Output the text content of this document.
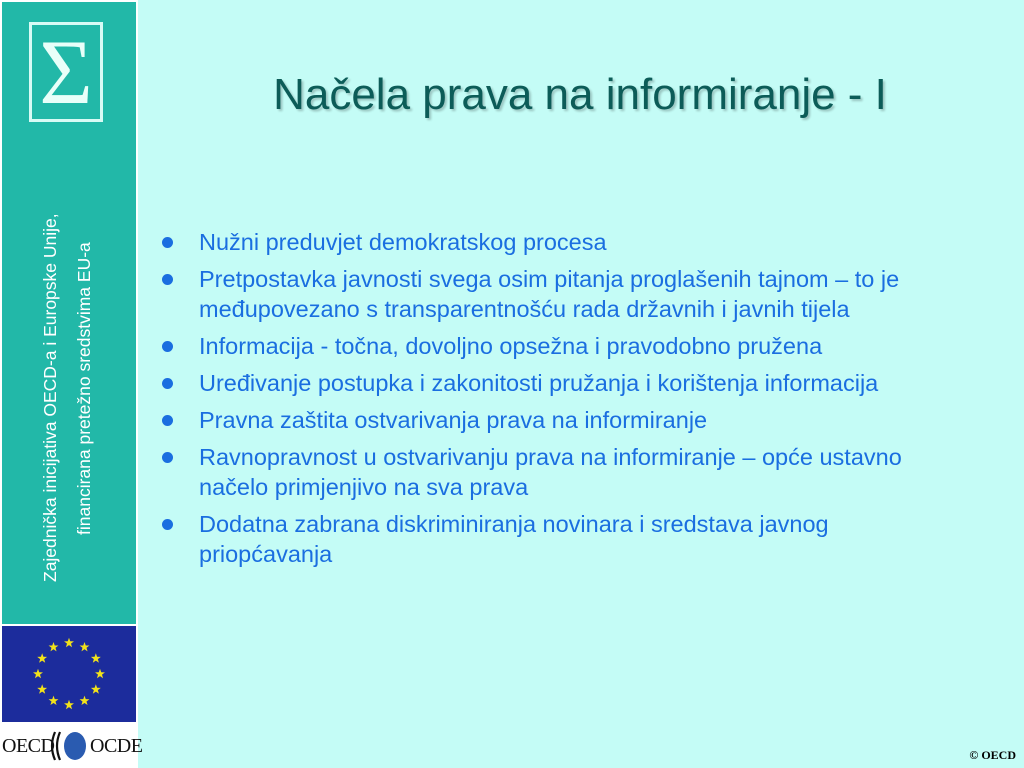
Σ
Zajednička inicijativa OECD-a i Europske Unije, financirana pretežno sredstvima EU-a
OECD OCDE
Načela prava na informiranje - I
Nužni preduvjet demokratskog procesa
Pretpostavka javnosti svega osim pitanja proglašenih tajnom – to je međupovezano s transparentnošću rada državnih i javnih tijela
Informacija - točna, dovoljno opsežna i pravodobno pružena
Uređivanje postupka i zakonitosti pružanja i korištenja informacija
Pravna zaštita ostvarivanja prava na informiranje
Ravnopravnost u ostvarivanju prava na informiranje – opće ustavno načelo primjenjivo na sva prava
Dodatna zabrana diskriminiranja novinara i sredstava javnog priopćavanja
© OECD
